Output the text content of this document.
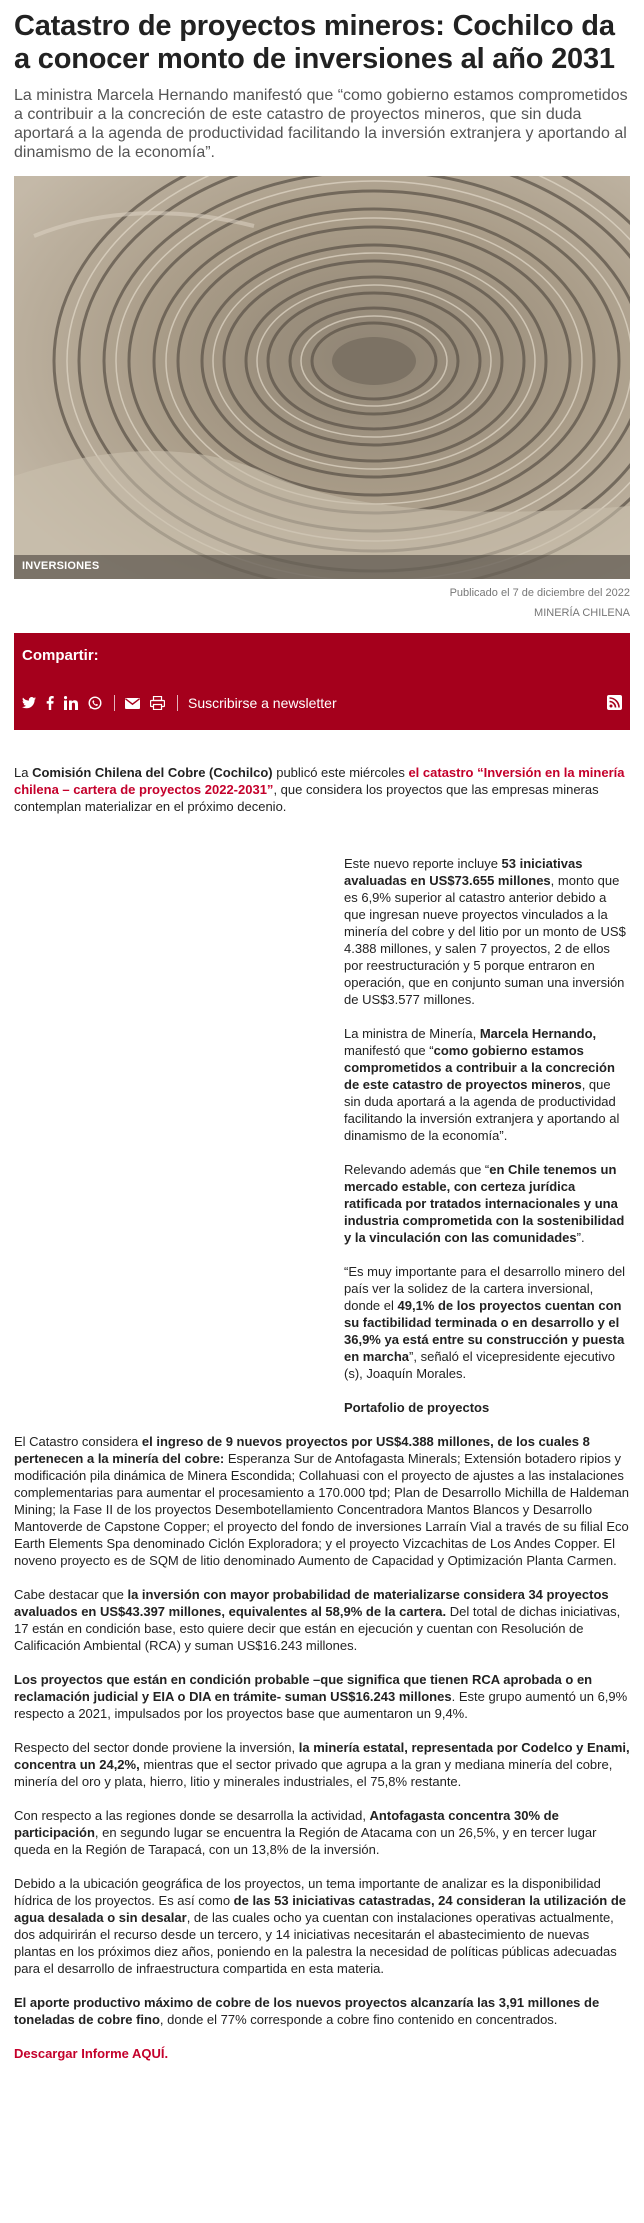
Catastro de proyectos mineros: Cochilco da a conocer monto de inversiones al año 2031

La ministra Marcela Hernando manifestó que “como gobierno estamos comprometidos a contribuir a la concreción de este catastro de proyectos mineros, que sin duda aportará a la agenda de productividad facilitando la inversión extranjera y aportando al dinamismo de la economía”.

INVERSIONES

Publicado el 7 de diciembre del 2022

MINERÍA CHILENA

Compartir:
Suscribirse a newsletter

La Comisión Chilena del Cobre (Cochilco) publicó este miércoles el catastro “Inversión en la minería chilena – cartera de proyectos 2022-2031”, que considera los proyectos que las empresas mineras contemplan materializar en el próximo decenio.

Este nuevo reporte incluye 53 iniciativas avaluadas en US$73.655 millones, monto que es 6,9% superior al catastro anterior debido a que ingresan nueve proyectos vinculados a la minería del cobre y del litio por un monto de US$ 4.388 millones, y salen 7 proyectos, 2 de ellos por reestructuración y 5 porque entraron en operación, que en conjunto suman una inversión de US$3.577 millones.

La ministra de Minería, Marcela Hernando, manifestó que “como gobierno estamos comprometidos a contribuir a la concreción de este catastro de proyectos mineros, que sin duda aportará a la agenda de productividad facilitando la inversión extranjera y aportando al dinamismo de la economía”.

Relevando además que “en Chile tenemos un mercado estable, con certeza jurídica ratificada por tratados internacionales y una industria comprometida con la sostenibilidad y la vinculación con las comunidades”.

“Es muy importante para el desarrollo minero del país ver la solidez de la cartera inversional, donde el 49,1% de los proyectos cuentan con su factibilidad terminada o en desarrollo y el 36,9% ya está entre su construcción y puesta en marcha”, señaló el vicepresidente ejecutivo (s), Joaquín Morales.

Portafolio de proyectos

El Catastro considera el ingreso de 9 nuevos proyectos por US$4.388 millones, de los cuales 8 pertenecen a la minería del cobre: Esperanza Sur de Antofagasta Minerals; Extensión botadero ripios y modificación pila dinámica de Minera Escondida; Collahuasi con el proyecto de ajustes a las instalaciones complementarias para aumentar el procesamiento a 170.000 tpd; Plan de Desarrollo Michilla de Haldeman Mining; la Fase II de los proyectos Desembotellamiento Concentradora Mantos Blancos y Desarrollo Mantoverde de Capstone Copper; el proyecto del fondo de inversiones Larraín Vial a través de su filial Eco Earth Elements Spa denominado Ciclón Exploradora; y el proyecto Vizcachitas de Los Andes Copper. El noveno proyecto es de SQM de litio denominado Aumento de Capacidad y Optimización Planta Carmen.

Cabe destacar que la inversión con mayor probabilidad de materializarse considera 34 proyectos avaluados en US$43.397 millones, equivalentes al 58,9% de la cartera. Del total de dichas iniciativas, 17 están en condición base, esto quiere decir que están en ejecución y cuentan con Resolución de Calificación Ambiental (RCA) y suman US$16.243 millones.

Los proyectos que están en condición probable –que significa que tienen RCA aprobada o en reclamación judicial y EIA o DIA en trámite- suman US$16.243 millones. Este grupo aumentó un 6,9% respecto a 2021, impulsados por los proyectos base que aumentaron un 9,4%.

Respecto del sector donde proviene la inversión, la minería estatal, representada por Codelco y Enami, concentra un 24,2%, mientras que el sector privado que agrupa a la gran y mediana minería del cobre, minería del oro y plata, hierro, litio y minerales industriales, el 75,8% restante.

Con respecto a las regiones donde se desarrolla la actividad, Antofagasta concentra 30% de participación, en segundo lugar se encuentra la Región de Atacama con un 26,5%, y en tercer lugar queda en la Región de Tarapacá, con un 13,8% de la inversión.

Debido a la ubicación geográfica de los proyectos, un tema importante de analizar es la disponibilidad hídrica de los proyectos. Es así como de las 53 iniciativas catastradas, 24 consideran la utilización de agua desalada o sin desalar, de las cuales ocho ya cuentan con instalaciones operativas actualmente, dos adquirirán el recurso desde un tercero, y 14 iniciativas necesitarán el abastecimiento de nuevas plantas en los próximos diez años, poniendo en la palestra la necesidad de políticas públicas adecuadas para el desarrollo de infraestructura compartida en esta materia.

El aporte productivo máximo de cobre de los nuevos proyectos alcanzaría las 3,91 millones de toneladas de cobre fino, donde el 77% corresponde a cobre fino contenido en concentrados.

Descargar Informe AQUÍ.
